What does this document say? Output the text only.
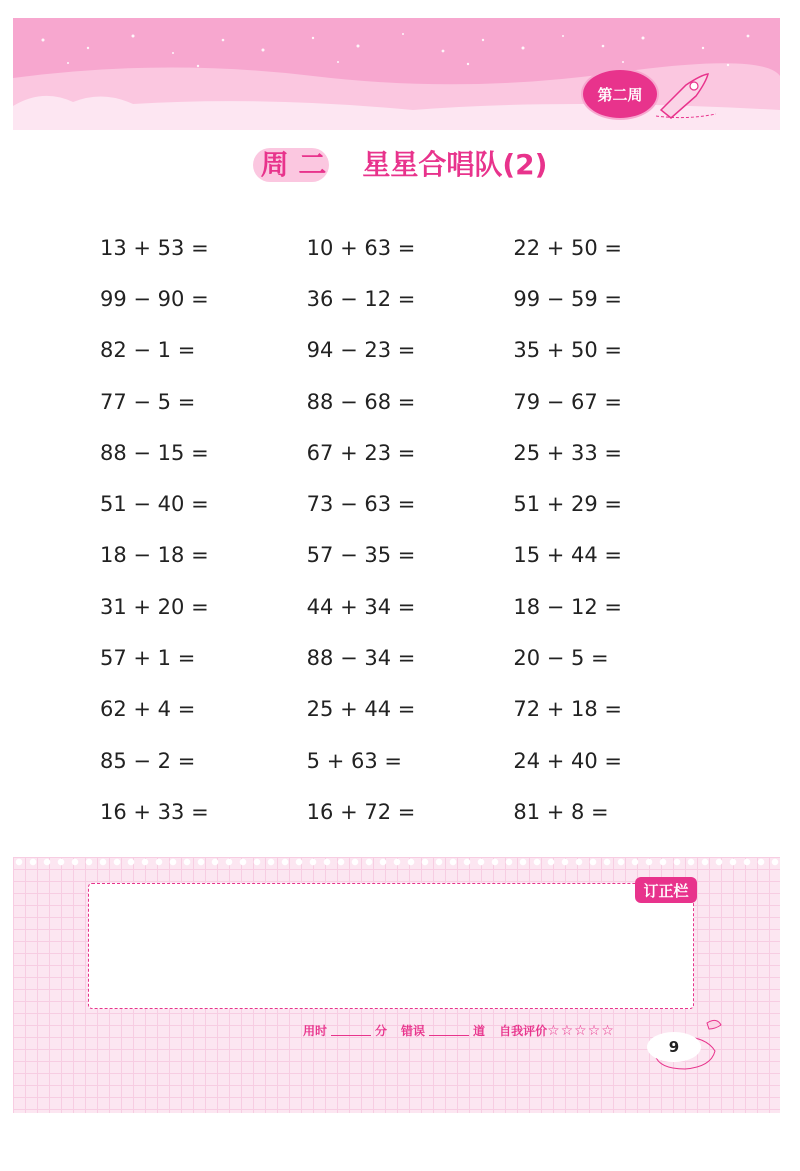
第二周
周 二 星星合唱队(2)
13 + 53 =	10 + 63 =	22 + 50 =
99 − 90 =	36 − 12 =	99 − 59 =
82 − 1 =	94 − 23 =	35 + 50 =
77 − 5 =	88 − 68 =	79 − 67 =
88 − 15 =	67 + 23 =	25 + 33 =
51 − 40 =	73 − 63 =	51 + 29 =
18 − 18 =	57 − 35 =	15 + 44 =
31 + 20 =	44 + 34 =	18 − 12 =
57 + 1 =	88 − 34 =	20 − 5 =
62 + 4 =	25 + 44 =	72 + 18 =
85 − 2 =	5 + 63 =	24 + 40 =
16 + 33 =	16 + 72 =	81 + 8 =
订正栏
用时	分 错误	道 自我评价 ☆☆☆☆☆
9
